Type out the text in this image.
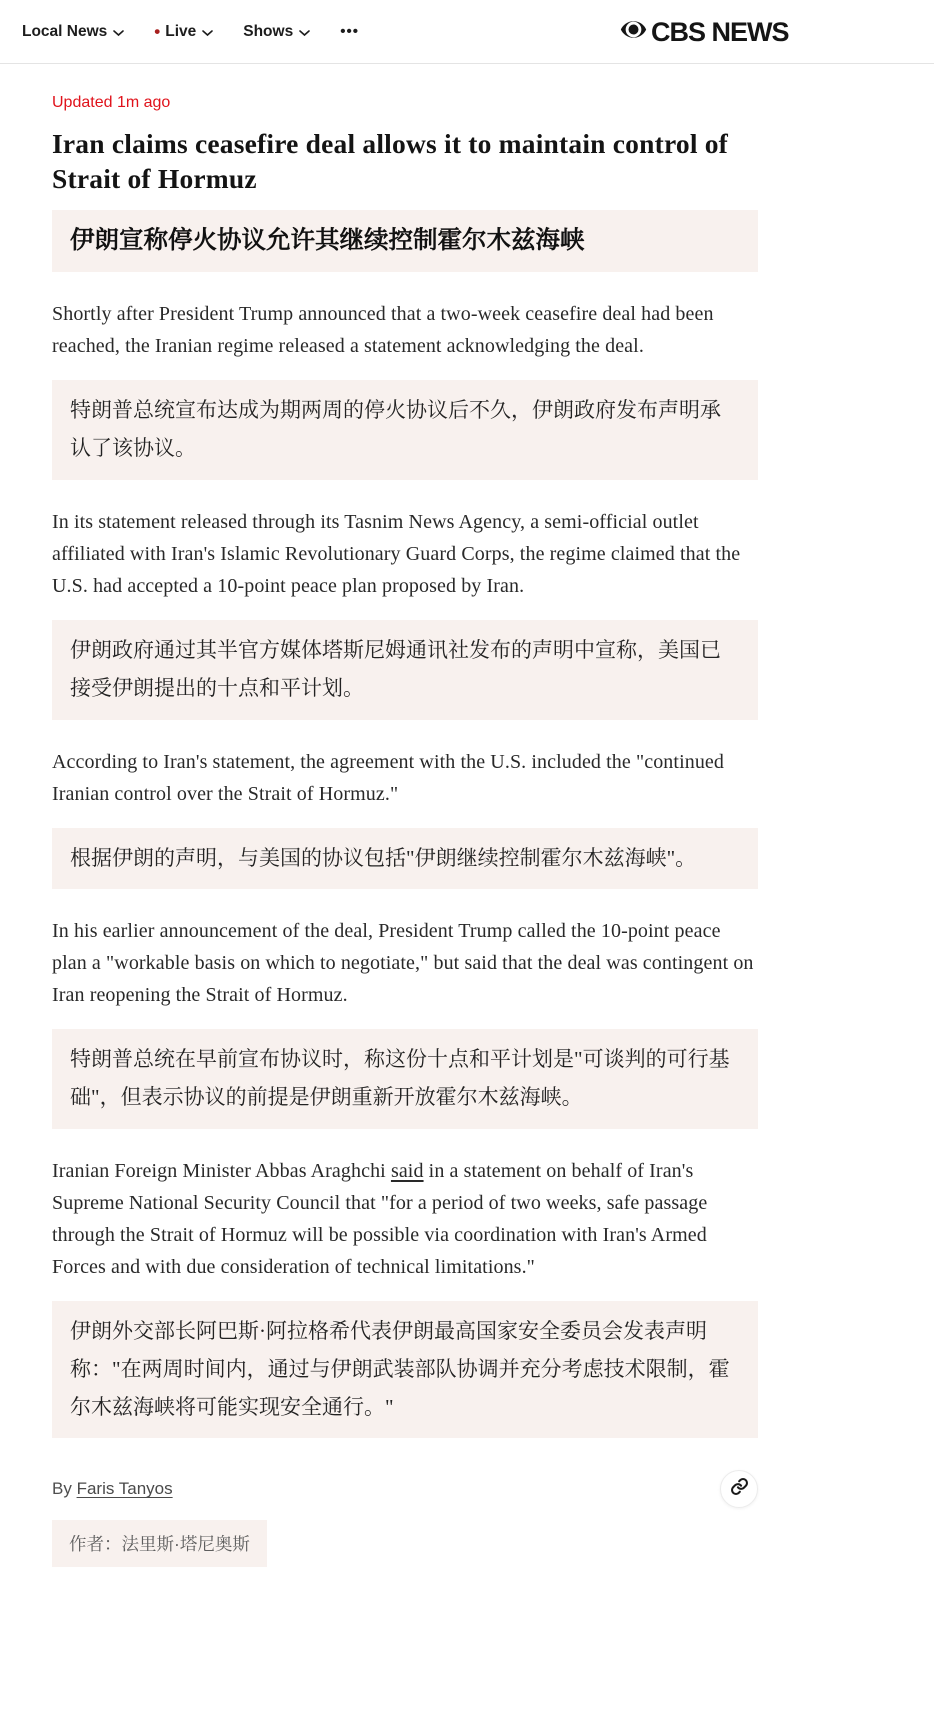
Local News	• Live	Shows	•••	CBS NEWS
Updated 1m ago
Iran claims ceasefire deal allows it to maintain control of Strait of Hormuz
伊朗宣称停火协议允许其继续控制霍尔木兹海峡

Shortly after President Trump announced that a two-week ceasefire deal had been reached, the Iranian regime released a statement acknowledging the deal.

特朗普总统宣布达成为期两周的停火协议后不久，伊朗政府发布声明承认了该协议。

In its statement released through its Tasnim News Agency, a semi-official outlet affiliated with Iran's Islamic Revolutionary Guard Corps, the regime claimed that the U.S. had accepted a 10-point peace plan proposed by Iran.

伊朗政府通过其半官方媒体塔斯尼姆通讯社发布的声明中宣称，美国已接受伊朗提出的十点和平计划。

According to Iran's statement, the agreement with the U.S. included the "continued Iranian control over the Strait of Hormuz."

根据伊朗的声明，与美国的协议包括"伊朗继续控制霍尔木兹海峡"。

In his earlier announcement of the deal, President Trump called the 10-point peace plan a "workable basis on which to negotiate," but said that the deal was contingent on Iran reopening the Strait of Hormuz.

特朗普总统在早前宣布协议时，称这份十点和平计划是"可谈判的可行基础"，但表示协议的前提是伊朗重新开放霍尔木兹海峡。

Iranian Foreign Minister Abbas Araghchi said in a statement on behalf of Iran's Supreme National Security Council that "for a period of two weeks, safe passage through the Strait of Hormuz will be possible via coordination with Iran's Armed Forces and with due consideration of technical limitations."

伊朗外交部长阿巴斯·阿拉格希代表伊朗最高国家安全委员会发表声明称："在两周时间内，通过与伊朗武装部队协调并充分考虑技术限制，霍尔木兹海峡将可能实现安全通行。"
By Faris Tanyos
作者：法里斯·塔尼奥斯
